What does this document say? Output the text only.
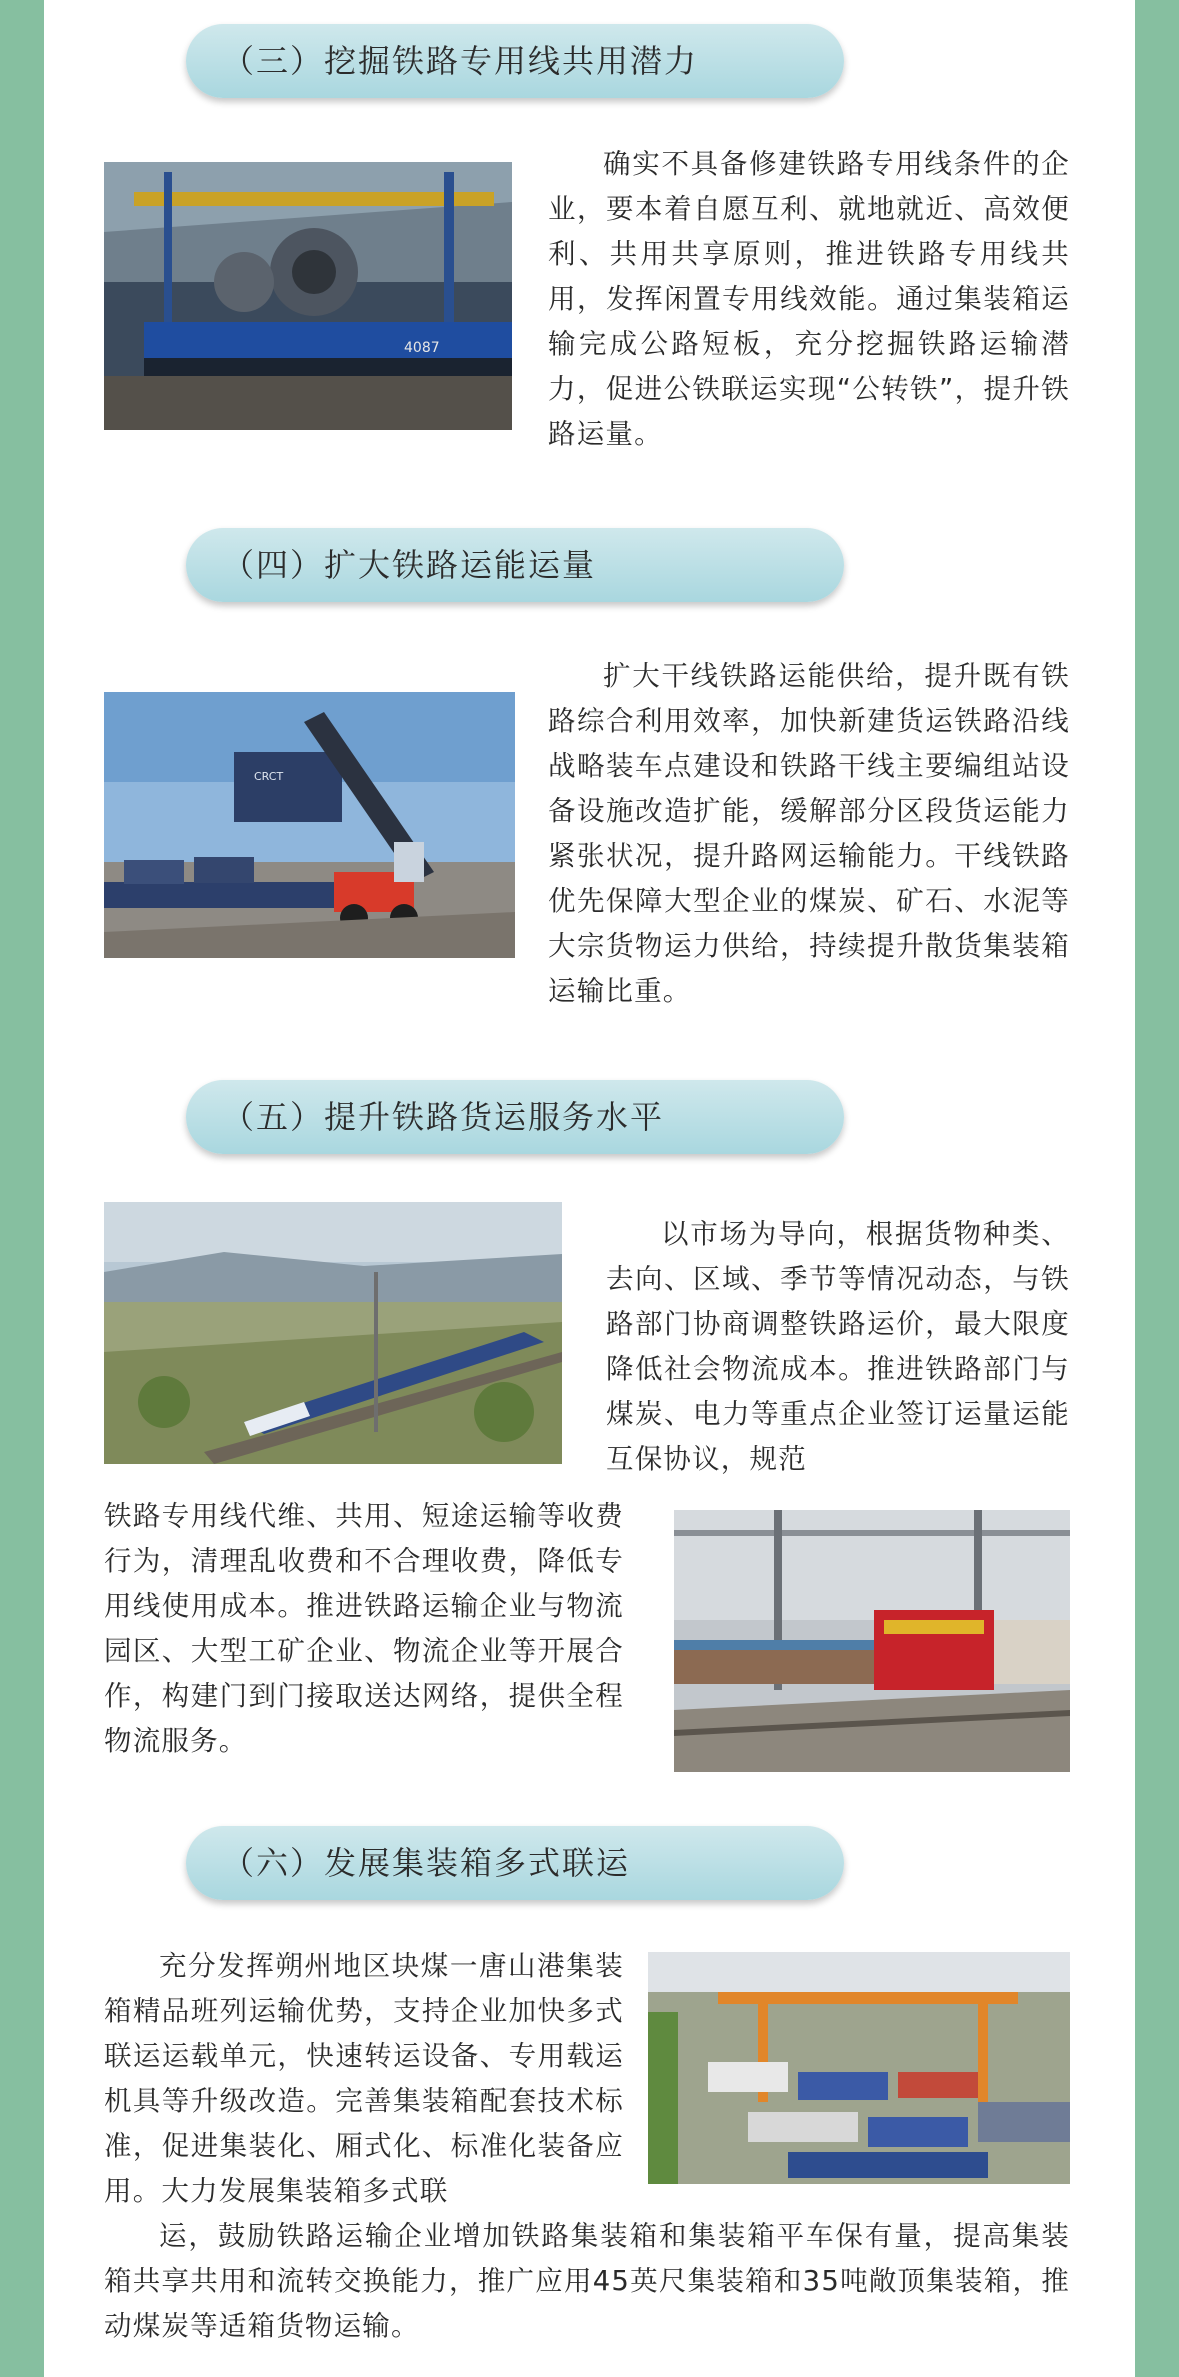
（三）挖掘铁路专用线共用潜力
4087

确实不具备修建铁路专用线条件的企业，要本着自愿互利、就地就近、高效便利、共用共享原则，推进铁路专用线共用，发挥闲置专用线效能。通过集装箱运输完成公路短板，充分挖掘铁路运输潜力，促进公铁联运实现“公转铁”，提升铁路运量。

（四）扩大铁路运能运量
CRCT

扩大干线铁路运能供给，提升既有铁路综合利用效率，加快新建货运铁路沿线战略装车点建设和铁路干线主要编组站设备设施改造扩能，缓解部分区段货运能力紧张状况，提升路网运输能力。干线铁路优先保障大型企业的煤炭、矿石、水泥等大宗货物运力供给，持续提升散货集装箱运输比重。

（五）提升铁路货运服务水平

以市场为导向，根据货物种类、去向、区域、季节等情况动态，与铁路部门协商调整铁路运价，最大限度降低社会物流成本。推进铁路部门与煤炭、电力等重点企业签订运量运能互保协议，规范

铁路专用线代维、共用、短途运输等收费行为，清理乱收费和不合理收费，降低专用线使用成本。推进铁路运输企业与物流园区、大型工矿企业、物流企业等开展合作，构建门到门接取送达网络，提供全程物流服务。

（六）发展集装箱多式联运

充分发挥朔州地区块煤一唐山港集装箱精品班列运输优势，支持企业加快多式联运运载单元，快速转运设备、专用载运机具等升级改造。完善集装箱配套技术标准，促进集装化、厢式化、标准化装备应用。大力发展集装箱多式联

运，鼓励铁路运输企业增加铁路集装箱和集装箱平车保有量，提高集装箱共享共用和流转交换能力，推广应用45英尺集装箱和35吨敞顶集装箱，推动煤炭等适箱货物运输。
